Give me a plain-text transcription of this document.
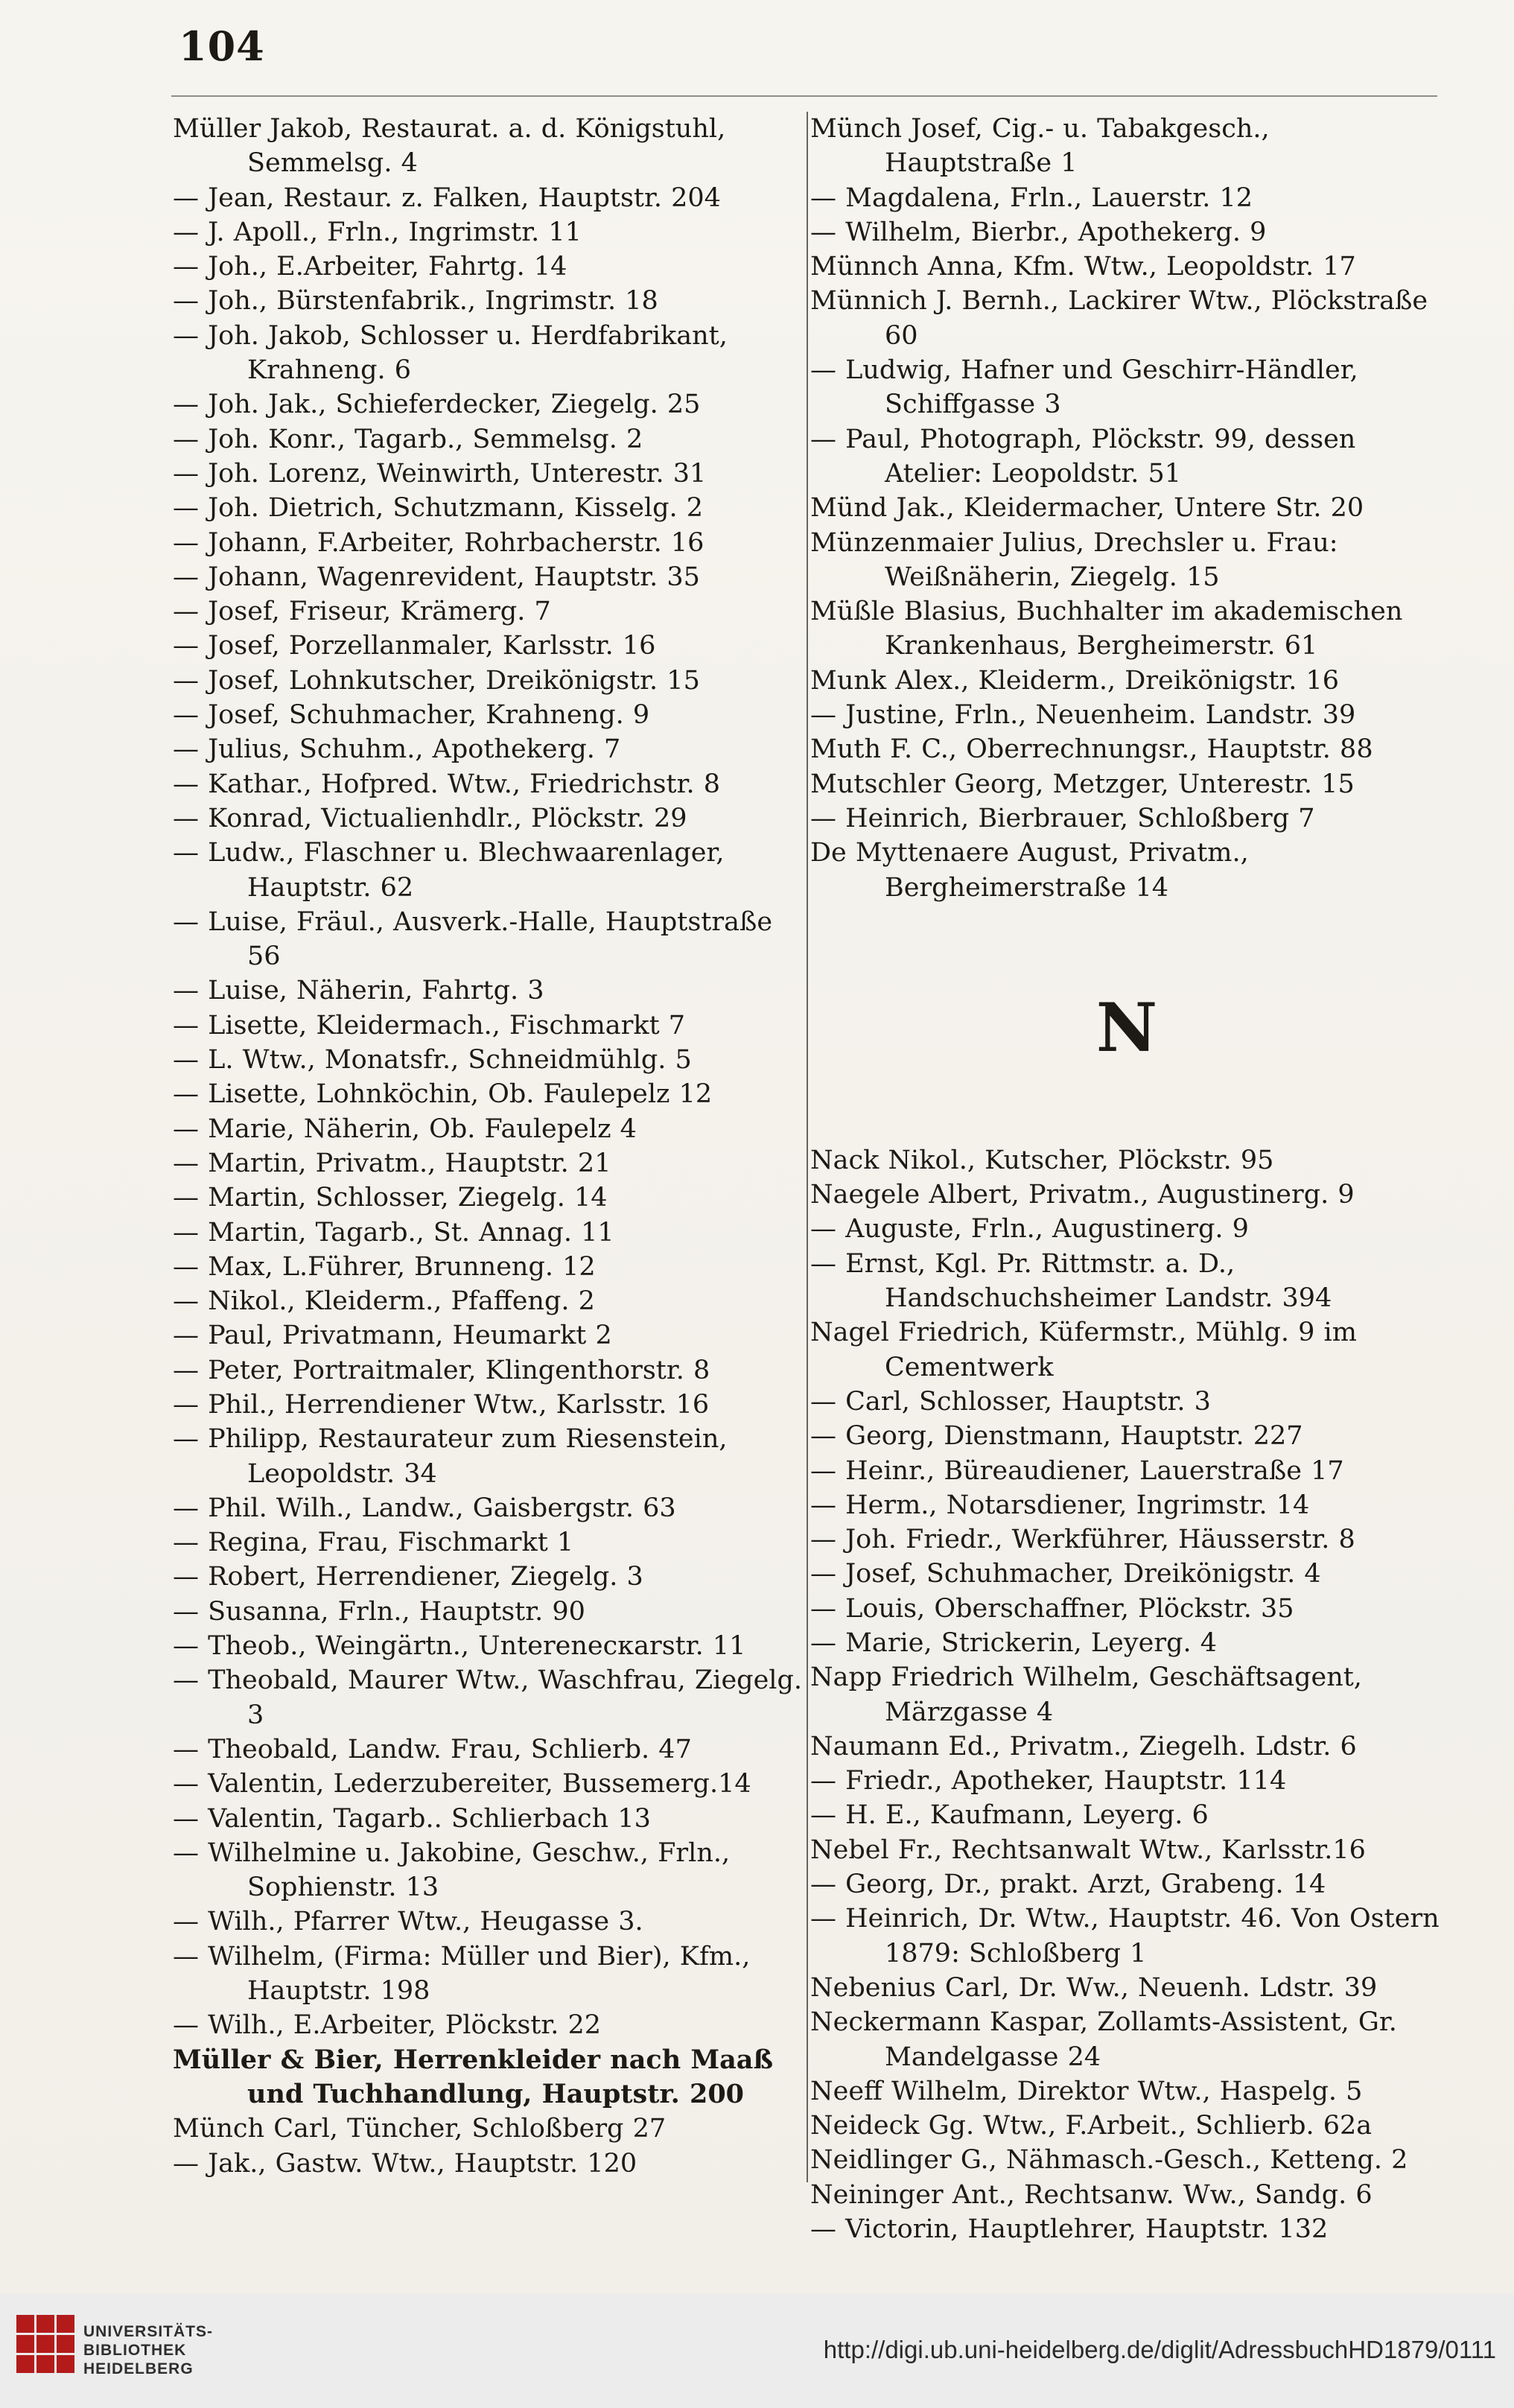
104
Müller Jakob, Restaurat. a. d. Königstuhl, Semmelsg. 4
— Jean, Restaur. z. Falken, Hauptstr. 204
— J. Apoll., Frln., Ingrimstr. 11
— Joh., E.Arbeiter, Fahrtg. 14
— Joh., Bürstenfabrik., Ingrimstr. 18
— Joh. Jakob, Schlosser u. Herdfabrikant, Krahneng. 6
— Joh. Jak., Schieferdecker, Ziegelg. 25
— Joh. Konr., Tagarb., Semmelsg. 2
— Joh. Lorenz, Weinwirth, Unterestr. 31
— Joh. Dietrich, Schutzmann, Kisselg. 2
— Johann, F.Arbeiter, Rohrbacherstr. 16
— Johann, Wagenrevident, Hauptstr. 35
— Josef, Friseur, Krämerg. 7
— Josef, Porzellanmaler, Karlsstr. 16
— Josef, Lohnkutscher, Dreikönigstr. 15
— Josef, Schuhmacher, Krahneng. 9
— Julius, Schuhm., Apothekerg. 7
— Kathar., Hofpred. Wtw., Friedrichstr. 8
— Konrad, Victualienhdlr., Plöckstr. 29
— Ludw., Flaschner u. Blechwaarenlager, Hauptstr. 62
— Luise, Fräul., Ausverk.-Halle, Hauptstraße 56
— Luise, Näherin, Fahrtg. 3
— Lisette, Kleidermach., Fischmarkt 7
— L. Wtw., Monatsfr., Schneidmühlg. 5
— Lisette, Lohnköchin, Ob. Faulepelz 12
— Marie, Näherin, Ob. Faulepelz 4
— Martin, Privatm., Hauptstr. 21
— Martin, Schlosser, Ziegelg. 14
— Martin, Tagarb., St. Annag. 11
— Max, L.Führer, Brunneng. 12
— Nikol., Kleiderm., Pfaffeng. 2
— Paul, Privatmann, Heumarkt 2
— Peter, Portraitmaler, Klingenthorstr. 8
— Phil., Herrendiener Wtw., Karlsstr. 16
— Philipp, Restaurateur zum Riesenstein, Leopoldstr. 34
— Phil. Wilh., Landw., Gaisbergstr. 63
— Regina, Frau, Fischmarkt 1
— Robert, Herrendiener, Ziegelg. 3
— Susanna, Frln., Hauptstr. 90
— Theob., Weingärtn., Unterenecкarstr. 11
— Theobald, Maurer Wtw., Waschfrau, Ziegelg. 3
— Theobald, Landw. Frau, Schlierb. 47
— Valentin, Lederzubereiter, Bussemerg.14
— Valentin, Tagarb.. Schlierbach 13
— Wilhelmine u. Jakobine, Geschw., Frln., Sophienstr. 13
— Wilh., Pfarrer Wtw., Heugasse 3.
— Wilhelm, (Firma: Müller und Bier), Kfm., Hauptstr. 198
— Wilh., E.Arbeiter, Plöckstr. 22
Müller & Bier, Herrenkleider nach Maaß und Tuchhandlung, Hauptstr. 200
Münch Carl, Tüncher, Schloßberg 27
— Jak., Gastw. Wtw., Hauptstr. 120
Münch Josef, Cig.- u. Tabakgesch., Hauptstraße 1
— Magdalena, Frln., Lauerstr. 12
— Wilhelm, Bierbr., Apothekerg. 9
Münnch Anna, Kfm. Wtw., Leopoldstr. 17
Münnich J. Bernh., Lackirer Wtw., Plöckstraße 60
— Ludwig, Hafner und Geschirr-Händler, Schiffgasse 3
— Paul, Photograph, Plöckstr. 99, dessen Atelier: Leopoldstr. 51
Münd Jak., Kleidermacher, Untere Str. 20
Münzenmaier Julius, Drechsler u. Frau: Weißnäherin, Ziegelg. 15
Müßle Blasius, Buchhalter im akademischen Krankenhaus, Bergheimerstr. 61
Munk Alex., Kleiderm., Dreikönigstr. 16
— Justine, Frln., Neuenheim. Landstr. 39
Muth F. C., Oberrechnungsr., Hauptstr. 88
Mutschler Georg, Metzger, Unterestr. 15
— Heinrich, Bierbrauer, Schloßberg 7
De Myttenaere August, Privatm., Bergheimerstraße 14
N
Nack Nikol., Kutscher, Plöckstr. 95
Naegele Albert, Privatm., Augustinerg. 9
— Auguste, Frln., Augustinerg. 9
— Ernst, Kgl. Pr. Rittmstr. a. D., Handschuchsheimer Landstr. 394
Nagel Friedrich, Küfermstr., Mühlg. 9 im Cementwerk
— Carl, Schlosser, Hauptstr. 3
— Georg, Dienstmann, Hauptstr. 227
— Heinr., Büreaudiener, Lauerstraße 17
— Herm., Notarsdiener, Ingrimstr. 14
— Joh. Friedr., Werkführer, Häusserstr. 8
— Josef, Schuhmacher, Dreikönigstr. 4
— Louis, Oberschaffner, Plöckstr. 35
— Marie, Strickerin, Leyerg. 4
Napp Friedrich Wilhelm, Geschäftsagent, Märzgasse 4
Naumann Ed., Privatm., Ziegelh. Ldstr. 6
— Friedr., Apotheker, Hauptstr. 114
— H. E., Kaufmann, Leyerg. 6
Nebel Fr., Rechtsanwalt Wtw., Karlsstr.16
— Georg, Dr., prakt. Arzt, Grabeng. 14
— Heinrich, Dr. Wtw., Hauptstr. 46. Von Ostern 1879: Schloßberg 1
Nebenius Carl, Dr. Ww., Neuenh. Ldstr. 39
Neckermann Kaspar, Zollamts-Assistent, Gr. Mandelgasse 24
Neeff Wilhelm, Direktor Wtw., Haspelg. 5
Neideck Gg. Wtw., F.Arbeit., Schlierb. 62a
Neidlinger G., Nähmasch.-Gesch., Ketteng. 2
Neininger Ant., Rechtsanw. Ww., Sandg. 6
— Victorin, Hauptlehrer, Hauptstr. 132
UNIVERSITÄTS-
BIBLIOTHEK
HEIDELBERG
http://digi.ub.uni-heidelberg.de/diglit/AdressbuchHD1879/0111
